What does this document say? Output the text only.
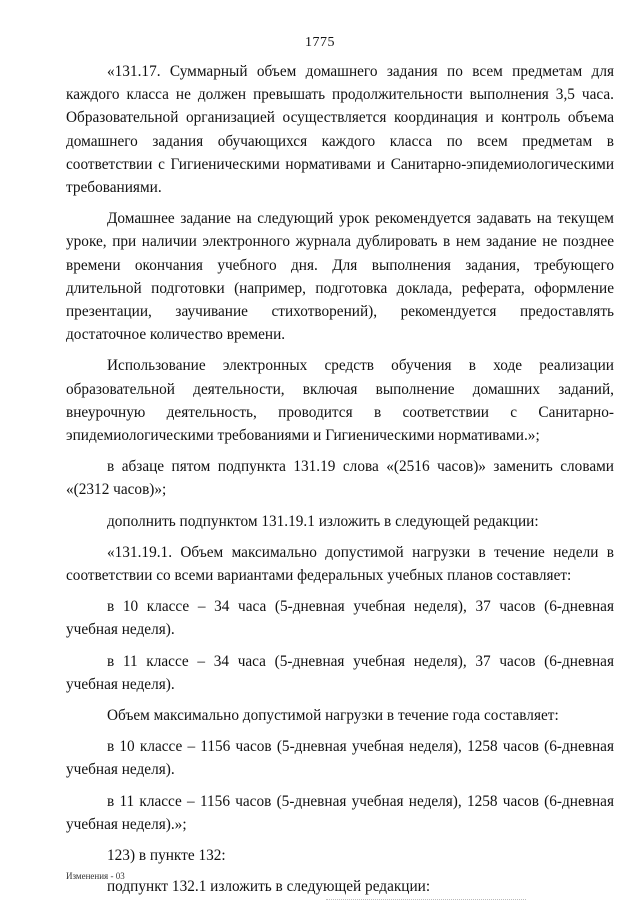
1775

«131.17. Суммарный объем домашнего задания по всем предметам для каждого класса не должен превышать продолжительности выполнения 3,5 часа. Образовательной организацией осуществляется координация и контроль объема домашнего задания обучающихся каждого класса по всем предметам в соответствии с Гигиеническими нормативами и Санитарно-эпидемиологическими требованиями.

Домашнее задание на следующий урок рекомендуется задавать на текущем уроке, при наличии электронного журнала дублировать в нем задание не позднее времени окончания учебного дня. Для выполнения задания, требующего длительной подготовки (например, подготовка доклада, реферата, оформление презентации, заучивание стихотворений), рекомендуется предоставлять достаточное количество времени.

Использование электронных средств обучения в ходе реализации образовательной деятельности, включая выполнение домашних заданий, внеурочную деятельность, проводится в соответствии с Санитарно-эпидемиологическими требованиями и Гигиеническими нормативами.»;

в абзаце пятом подпункта 131.19 слова «(2516 часов)» заменить словами «(2312 часов)»;

дополнить подпунктом 131.19.1 изложить в следующей редакции:

«131.19.1. Объем максимально допустимой нагрузки в течение недели в соответствии со всеми вариантами федеральных учебных планов составляет:

в 10 классе – 34 часа (5-дневная учебная неделя), 37 часов (6-дневная учебная неделя).

в 11 классе – 34 часа (5-дневная учебная неделя), 37 часов (6-дневная учебная неделя).

Объем максимально допустимой нагрузки в течение года составляет:

в 10 классе – 1156 часов (5-дневная учебная неделя), 1258 часов (6-дневная учебная неделя).

в 11 классе – 1156 часов (5-дневная учебная неделя), 1258 часов (6-дневная учебная неделя).»;

123) в пункте 132:

подпункт 132.1 изложить в следующей редакции:

Изменения - 03
